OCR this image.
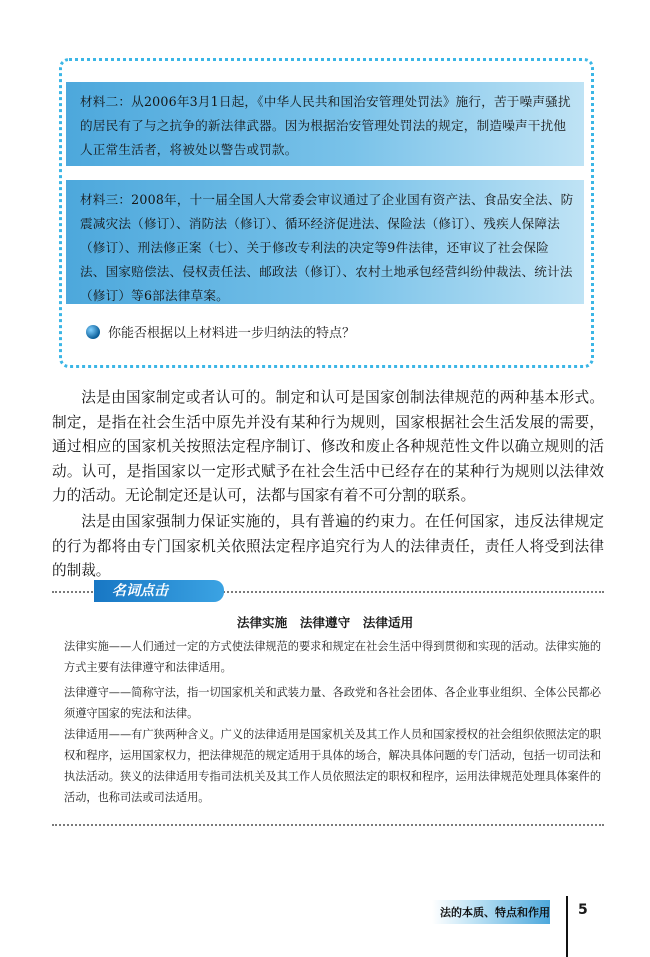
材料二：从2006年3月1日起，《中华人民共和国治安管理处罚法》施行，苦于噪声骚扰的居民有了与之抗争的新法律武器。因为根据治安管理处罚法的规定，制造噪声干扰他人正常生活者，将被处以警告或罚款。
材料三：2008年，十一届全国人大常委会审议通过了企业国有资产法、食品安全法、防震减灾法（修订）、消防法（修订）、循环经济促进法、保险法（修订）、残疾人保障法（修订）、刑法修正案（七）、关于修改专利法的决定等9件法律，还审议了社会保险法、国家赔偿法、侵权责任法、邮政法（修订）、农村土地承包经营纠纷仲裁法、统计法（修订）等6部法律草案。
你能否根据以上材料进一步归纳法的特点？

法是由国家制定或者认可的。制定和认可是国家创制法律规范的两种基本形式。制定，是指在社会生活中原先并没有某种行为规则，国家根据社会生活发展的需要，通过相应的国家机关按照法定程序制订、修改和废止各种规范性文件以确立规则的活动。认可，是指国家以一定形式赋予在社会生活中已经存在的某种行为规则以法律效力的活动。无论制定还是认可，法都与国家有着不可分割的联系。

法是由国家强制力保证实施的，具有普遍的约束力。在任何国家，违反法律规定的行为都将由专门国家机关依照法定程序追究行为人的法律责任，责任人将受到法律的制裁。

名词点击
法律实施　法律遵守　法律适用

法律实施——人们通过一定的方式使法律规范的要求和规定在社会生活中得到贯彻和实现的活动。法律实施的方式主要有法律遵守和法律适用。

法律遵守——简称守法，指一切国家机关和武装力量、各政党和各社会团体、各企业事业组织、全体公民都必须遵守国家的宪法和法律。

法律适用——有广狭两种含义。广义的法律适用是国家机关及其工作人员和国家授权的社会组织依照法定的职权和程序，运用国家权力，把法律规范的规定适用于具体的场合，解决具体问题的专门活动，包括一切司法和执法活动。狭义的法律适用专指司法机关及其工作人员依照法定的职权和程序，运用法律规范处理具体案件的活动，也称司法或司法适用。

法的本质、特点和作用 5
